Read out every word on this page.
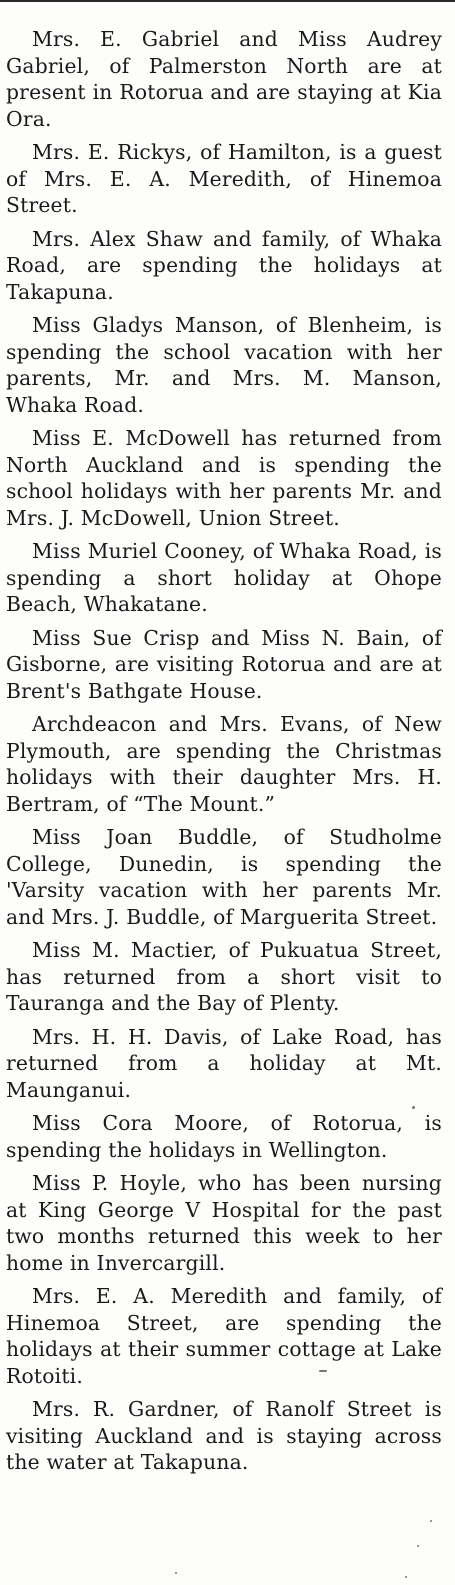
Mrs. E. Gabriel and Miss Audrey Gabriel, of Palmerston North are at present in Rotorua and are staying at Kia Ora.

Mrs. E. Rickys, of Hamilton, is a guest of Mrs. E. A. Meredith, of Hinemoa Street.

Mrs. Alex Shaw and family, of Whaka Road, are spending the holidays at Takapuna.

Miss Gladys Manson, of Blenheim, is spending the school vacation with her parents, Mr. and Mrs. M. Manson, Whaka Road.

Miss E. McDowell has returned from North Auckland and is spending the school holidays with her parents Mr. and Mrs. J. McDowell, Union Street.

Miss Muriel Cooney, of Whaka Road, is spending a short holiday at Ohope Beach, Whakatane.

Miss Sue Crisp and Miss N. Bain, of Gisborne, are visiting Rotorua and are at Brent's Bathgate House.

Archdeacon and Mrs. Evans, of New Plymouth, are spending the Christmas holidays with their daughter Mrs. H. Bertram, of “The Mount.”

Miss Joan Buddle, of Studholme College, Dunedin, is spending the 'Varsity vacation with her parents Mr. and Mrs. J. Buddle, of Marguerita Street.

Miss M. Mactier, of Pukuatua Street, has returned from a short visit to Tauranga and the Bay of Plenty.

Mrs. H. H. Davis, of Lake Road, has returned from a holiday at Mt. Maunganui.

Miss Cora Moore, of Rotorua, is spending the holidays in Wellington.

Miss P. Hoyle, who has been nursing at King George V Hospital for the past two months returned this week to her home in Invercargill.

Mrs. E. A. Meredith and family, of Hinemoa Street, are spending the holidays at their summer cottage at Lake Rotoiti.

Mrs. R. Gardner, of Ranolf Street is visiting Auckland and is staying across the water at Takapuna.
